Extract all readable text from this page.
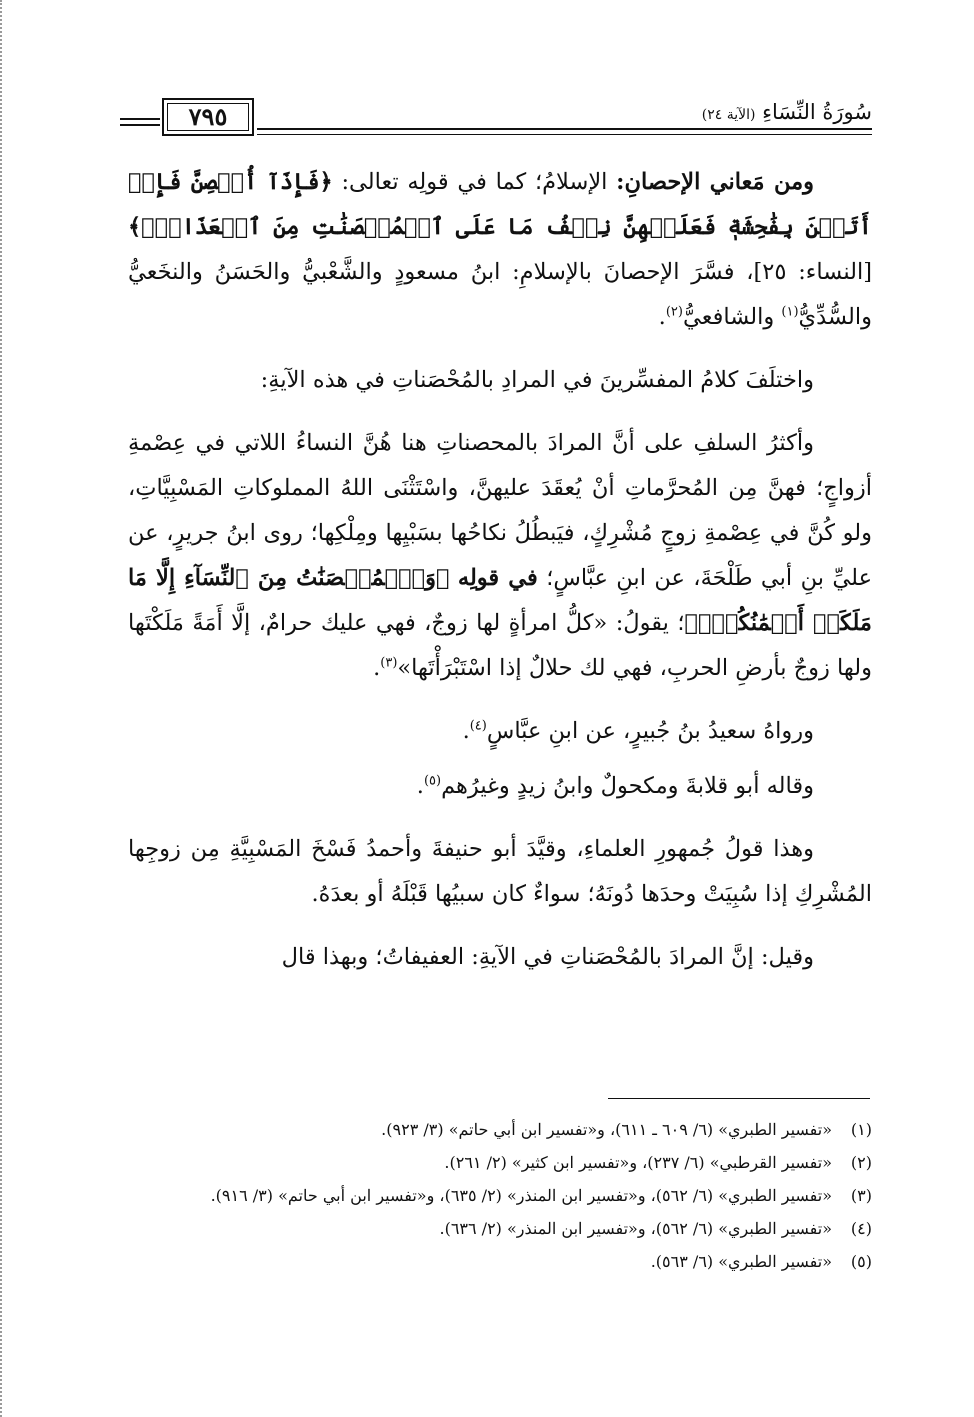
٧٩٥	سُورَةُ النِّسَاءِ (الآية ٢٤)

ومن مَعاني الإحصانِ: الإسلامُ؛ كما في قولِه تعالى: ﴿فَإِذَآ أُحۡصِنَّ فَإِنۡ أَتَيۡنَ بِفَٰحِشَةٖ فَعَلَيۡهِنَّ نِصۡفُ مَا عَلَى ٱلۡمُحۡصَنَٰتِ مِنَ ٱلۡعَذَابِۚ﴾ [النساء: ٢٥]، فسَّرَ الإحصانَ بالإسلامِ: ابنُ مسعودٍ والشَّعْبيُّ والحَسَنُ والنخَعيُّ والسُّدِّيُّ$^{(١)}$ والشافعيُّ$^{(٢)}$.

واختلَفَ كلامُ المفسِّرينَ في المرادِ بالمُحْصَناتِ في هذه الآيةِ:

وأكثرُ السلفِ على أنَّ المرادَ بالمحصناتِ هنا هُنَّ النساءُ اللاتي في عِصْمةِ أزواجٍ؛ فهنَّ مِن المُحرَّماتِ أنْ يُعقَدَ عليهنَّ، واسْتَثْنَى اللهُ المملوكاتِ المَسْبِيَّاتِ، ولو كُنَّ في عِصْمةِ زوجٍ مُشْرِكٍ، فيَبطُلُ نكاحُها بسَبْيِها ومِلْكِها؛ روى ابنُ جريرٍ، عن عليِّ بنِ أبي طَلْحَةَ، عن ابنِ عبَّاسٍ؛ في قولِه ﴿وَٱلۡمُحۡصَنَٰتُ مِنَ ٱلنِّسَآءِ إِلَّا مَا مَلَكَتۡ أَيۡمَٰنُكُمۡۖ﴾؛ يقولُ: «كلُّ امرأةٍ لها زوجٌ، فهي عليك حرامٌ، إلَّا أَمَةً مَلَكْتَها ولها زوجٌ بأرضِ الحربِ، فهي لك حلالٌ إذا اسْتَبْرَأْتَها»$^{(٣)}$.

ورواهُ سعيدُ بنُ جُبيرٍ، عن ابنِ عبَّاسٍ$^{(٤)}$.

وقاله أبو قلابةَ ومكحولٌ وابنُ زيدٍ وغيرُهم$^{(٥)}$.

وهذا قولُ جُمهورِ العلماءِ، وقيَّدَ أبو حنيفةَ وأحمدُ فَسْخَ المَسْبِيَّةِ مِن زوجِها المُشْرِكِ إذا سُبِيَتْ وحدَها دُونَهُ؛ سواءٌ كان سبيُها قَبْلَهُ أو بعدَهُ.

وقيل: إنَّ المرادَ بالمُحْصَناتِ في الآيةِ: العفيفاتُ؛ وبهذا قال

(١)
«تفسير الطبري» (٦/ ٦٠٩ ـ ٦١١)، و«تفسير ابن أبي حاتم» (٣/ ٩٢٣).
(٢)
«تفسير القرطبي» (٦/ ٢٣٧)، و«تفسير ابن كثير» (٢/ ٢٦١).
(٣)
«تفسير الطبري» (٦/ ٥٦٢)، و«تفسير ابن المنذر» (٢/ ٦٣٥)، و«تفسير ابن أبي حاتم» (٣/ ٩١٦).
(٤)
«تفسير الطبري» (٦/ ٥٦٢)، و«تفسير ابن المنذر» (٢/ ٦٣٦).
(٥)
«تفسير الطبري» (٦/ ٥٦٣).
